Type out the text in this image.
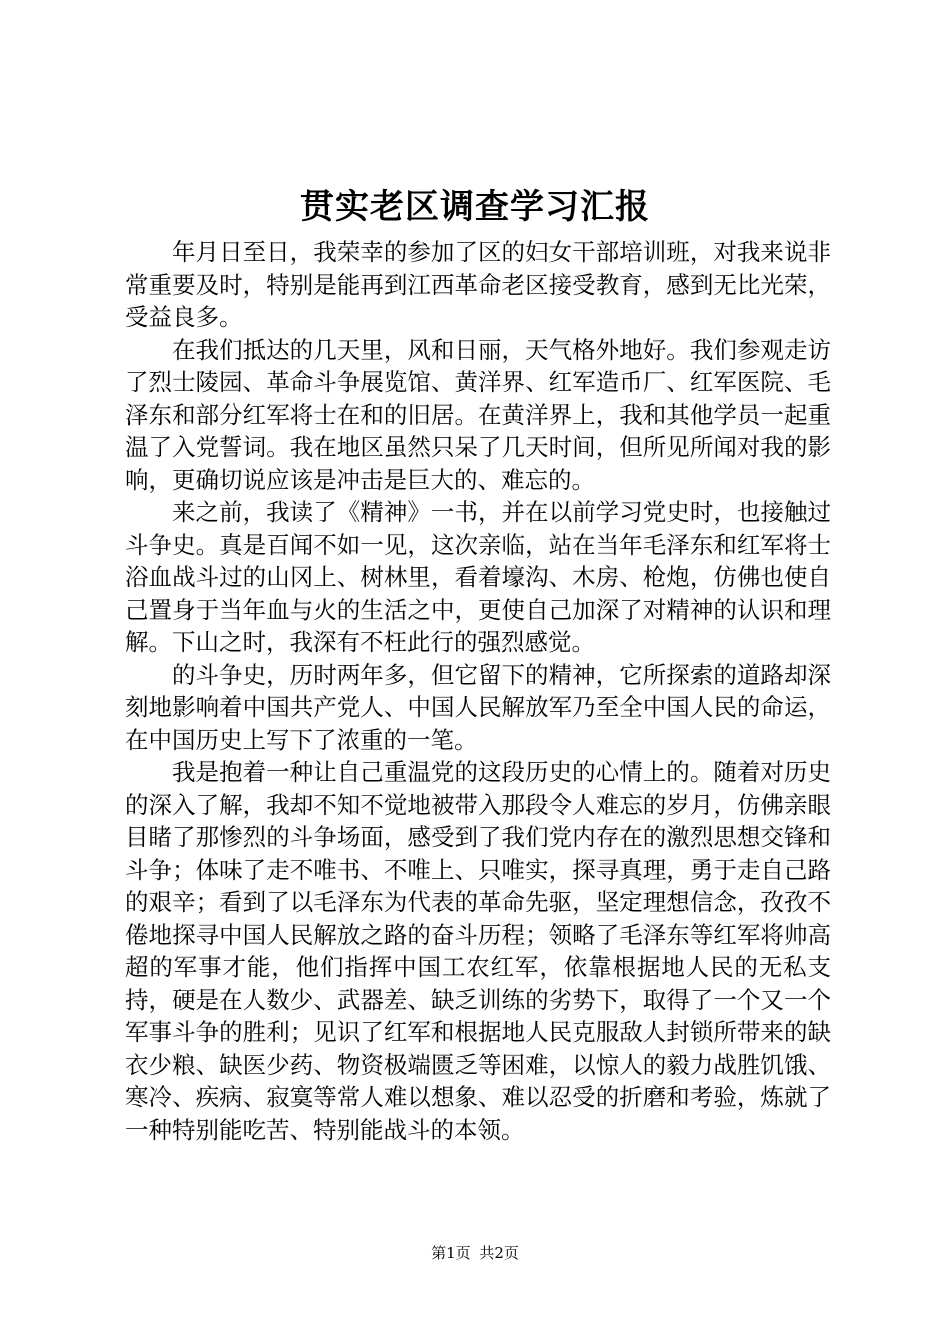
贯实老区调查学习汇报

年月日至日，我荣幸的参加了区的妇女干部培训班，对我来说非常重要及时，特别是能再到江西革命老区接受教育，感到无比光荣，受益良多。

在我们抵达的几天里，风和日丽，天气格外地好。我们参观走访了烈士陵园、革命斗争展览馆、黄洋界、红军造币厂、红军医院、毛泽东和部分红军将士在和的旧居。在黄洋界上，我和其他学员一起重温了入党誓词。我在地区虽然只呆了几天时间，但所见所闻对我的影响，更确切说应该是冲击是巨大的、难忘的。

来之前，我读了《精神》一书，并在以前学习党史时，也接触过斗争史。真是百闻不如一见，这次亲临，站在当年毛泽东和红军将士浴血战斗过的山冈上、树林里，看着壕沟、木房、枪炮，仿佛也使自己置身于当年血与火的生活之中，更使自己加深了对精神的认识和理解。下山之时，我深有不枉此行的强烈感觉。

的斗争史，历时两年多，但它留下的精神，它所探索的道路却深刻地影响着中国共产党人、中国人民解放军乃至全中国人民的命运，在中国历史上写下了浓重的一笔。

我是抱着一种让自己重温党的这段历史的心情上的。随着对历史的深入了解，我却不知不觉地被带入那段令人难忘的岁月，仿佛亲眼目睹了那惨烈的斗争场面，感受到了我们党内存在的激烈思想交锋和斗争；体味了走不唯书、不唯上、只唯实，探寻真理，勇于走自己路的艰辛；看到了以毛泽东为代表的革命先驱，坚定理想信念，孜孜不倦地探寻中国人民解放之路的奋斗历程；领略了毛泽东等红军将帅高超的军事才能，他们指挥中国工农红军，依靠根据地人民的无私支持，硬是在人数少、武器差、缺乏训练的劣势下，取得了一个又一个军事斗争的胜利；见识了红军和根据地人民克服敌人封锁所带来的缺衣少粮、缺医少药、物资极端匮乏等困难，以惊人的毅力战胜饥饿、寒冷、疾病、寂寞等常人难以想象、难以忍受的折磨和考验，炼就了一种特别能吃苦、特别能战斗的本领。

第1页 共2页
